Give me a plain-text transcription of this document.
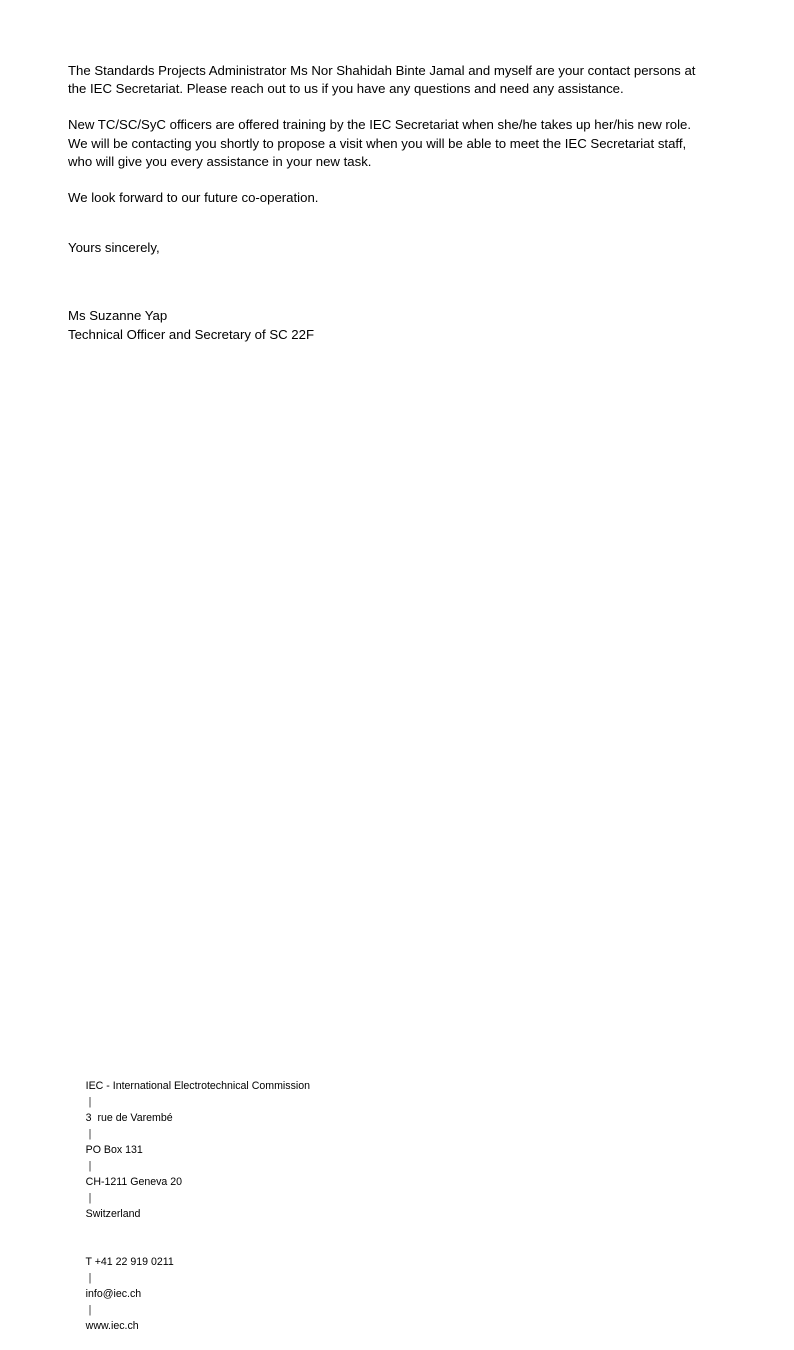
The Standards Projects Administrator Ms Nor Shahidah Binte Jamal and myself are your contact persons at the IEC Secretariat. Please reach out to us if you have any questions and need any assistance.

New TC/SC/SyC officers are offered training by the IEC Secretariat when she/he takes up her/his new role. We will be contacting you shortly to propose a visit when you will be able to meet the IEC Secretariat staff, who will give you every assistance in your new task.

We look forward to our future co-operation.

Yours sincerely,

Ms Suzanne Yap
Technical Officer and Secretary of SC 22F

IEC - International Electrotechnical Commission
|
3  rue de Varembé
|
PO Box 131
|
CH-1211 Geneva 20
|
Switzerland

T +41 22 919 0211
|
info@iec.ch
|
www.iec.ch
